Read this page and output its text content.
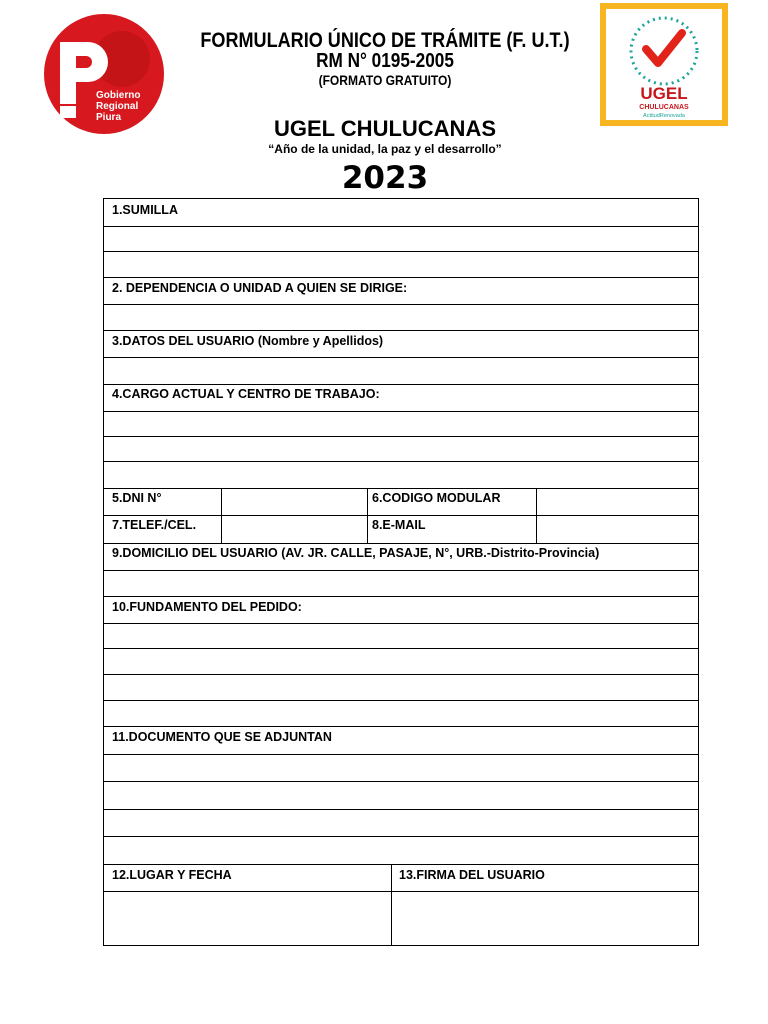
Gobierno
Regional
Piura
UGEL
CHULUCANAS
ActitudRenovada
FORMULARIO ÚNICO DE TRÁMITE (F. U.T.)
RM N° 0195-2005
(FORMATO GRATUITO)
UGEL CHULUCANAS
“Año de la unidad, la paz y el desarrollo”
2023
1.SUMILLA
2. DEPENDENCIA O UNIDAD A QUIEN SE DIRIGE:
3.DATOS DEL USUARIO (Nombre y Apellidos)
4.CARGO ACTUAL Y CENTRO DE TRABAJO:
5.DNI N°	6.CODIGO MODULAR
7.TELEF./CEL.	8.E-MAIL
9.DOMICILIO DEL USUARIO (AV. JR. CALLE, PASAJE, N°, URB.-Distrito-Provincia)
10.FUNDAMENTO DEL PEDIDO:
11.DOCUMENTO QUE SE ADJUNTAN
12.LUGAR Y FECHA	13.FIRMA DEL USUARIO
